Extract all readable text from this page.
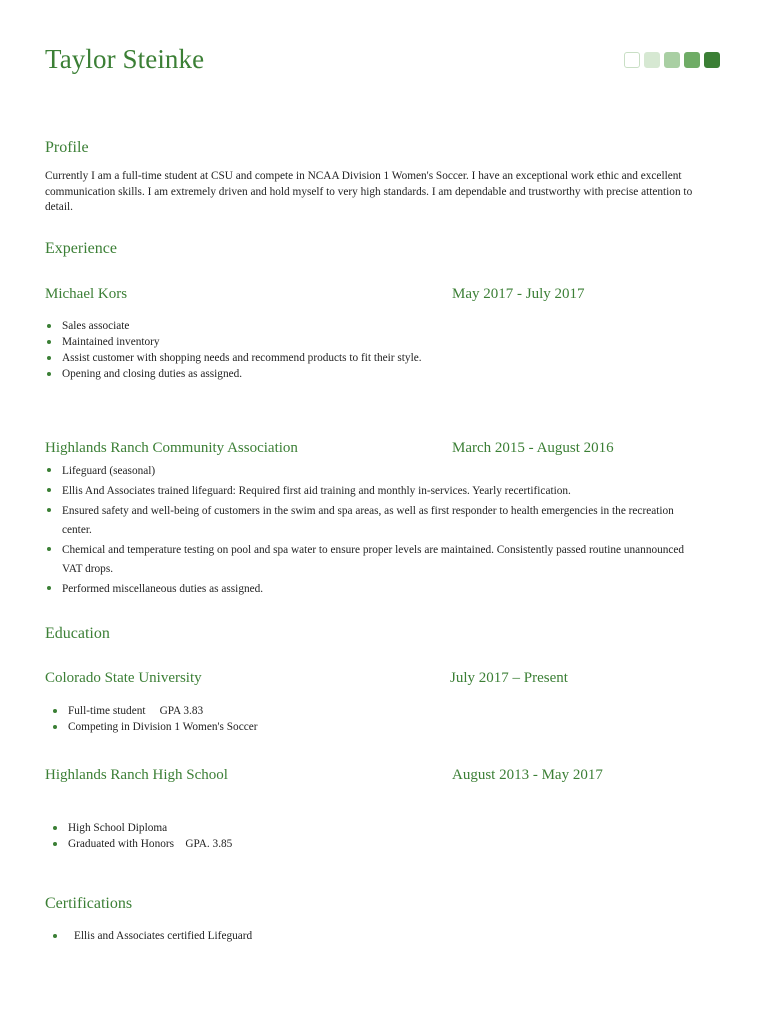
Taylor Steinke
Profile
Currently I am a full-time student at CSU and compete in NCAA Division 1 Women's Soccer. I have an exceptional work ethic and excellent communication skills. I am extremely driven and hold myself to very high standards. I am dependable and trustworthy with precise attention to detail.
Experience
Michael Kors	May 2017 - July 2017
Sales associate
Maintained inventory
Assist customer with shopping needs and recommend products to fit their style.
Opening and closing duties as assigned.
Highlands Ranch Community Association	March 2015 - August 2016
Lifeguard (seasonal)
Ellis And Associates trained lifeguard: Required first aid training and monthly in-services. Yearly recertification.
Ensured safety and well-being of customers in the swim and spa areas, as well as first responder to health emergencies in the recreation center.
Chemical and temperature testing on pool and spa water to ensure proper levels are maintained. Consistently passed routine unannounced VAT drops.
Performed miscellaneous duties as assigned.
Education
Colorado State University	July 2017 – Present
Full-time student     GPA 3.83
Competing in Division 1 Women's Soccer
Highlands Ranch High School	August 2013 - May 2017
High School Diploma
Graduated with Honors    GPA. 3.85
Certifications
Ellis and Associates certified Lifeguard
